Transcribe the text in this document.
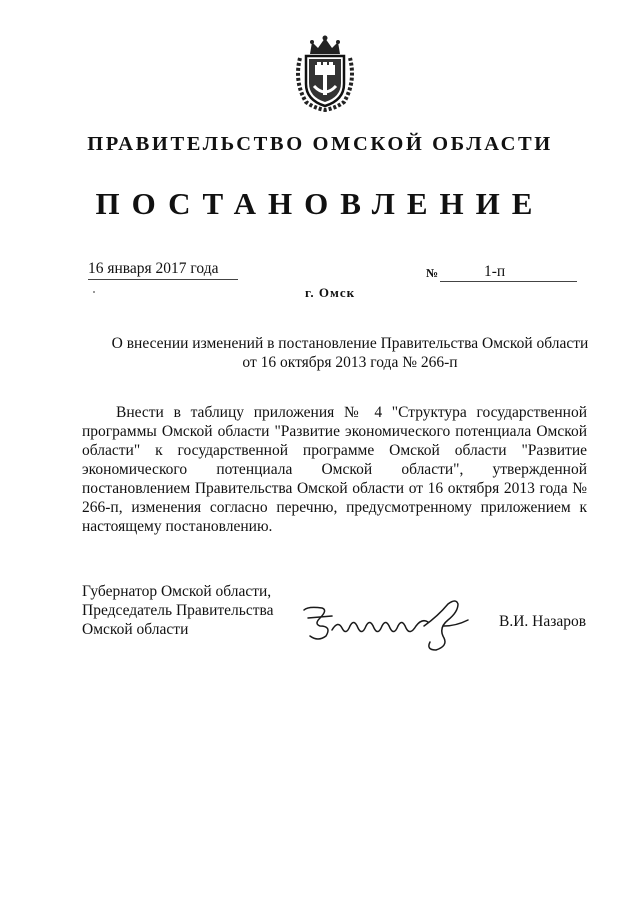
ПРАВИТЕЛЬСТВО ОМСКОЙ ОБЛАСТИ
ПОСТАНОВЛЕНИЕ
16 января 2017 года	№	1-п
г. Омск
О внесении изменений в постановление Правительства Омской области
от 16 октября 2013 года № 266-п

Внести в таблицу приложения № 4 "Структура государственной программы Омской области "Развитие экономического потенциала Омской области" к государственной программе Омской области "Развитие экономического потенциала Омской области", утвержденной постановлением Правительства Омской области от 16 октября 2013 года № 266-п, изменения согласно перечню, предусмотренному приложением к настоящему постановлению.

Губернатор Омской области,
Председатель Правительства
Омской области	В.И. Назаров
